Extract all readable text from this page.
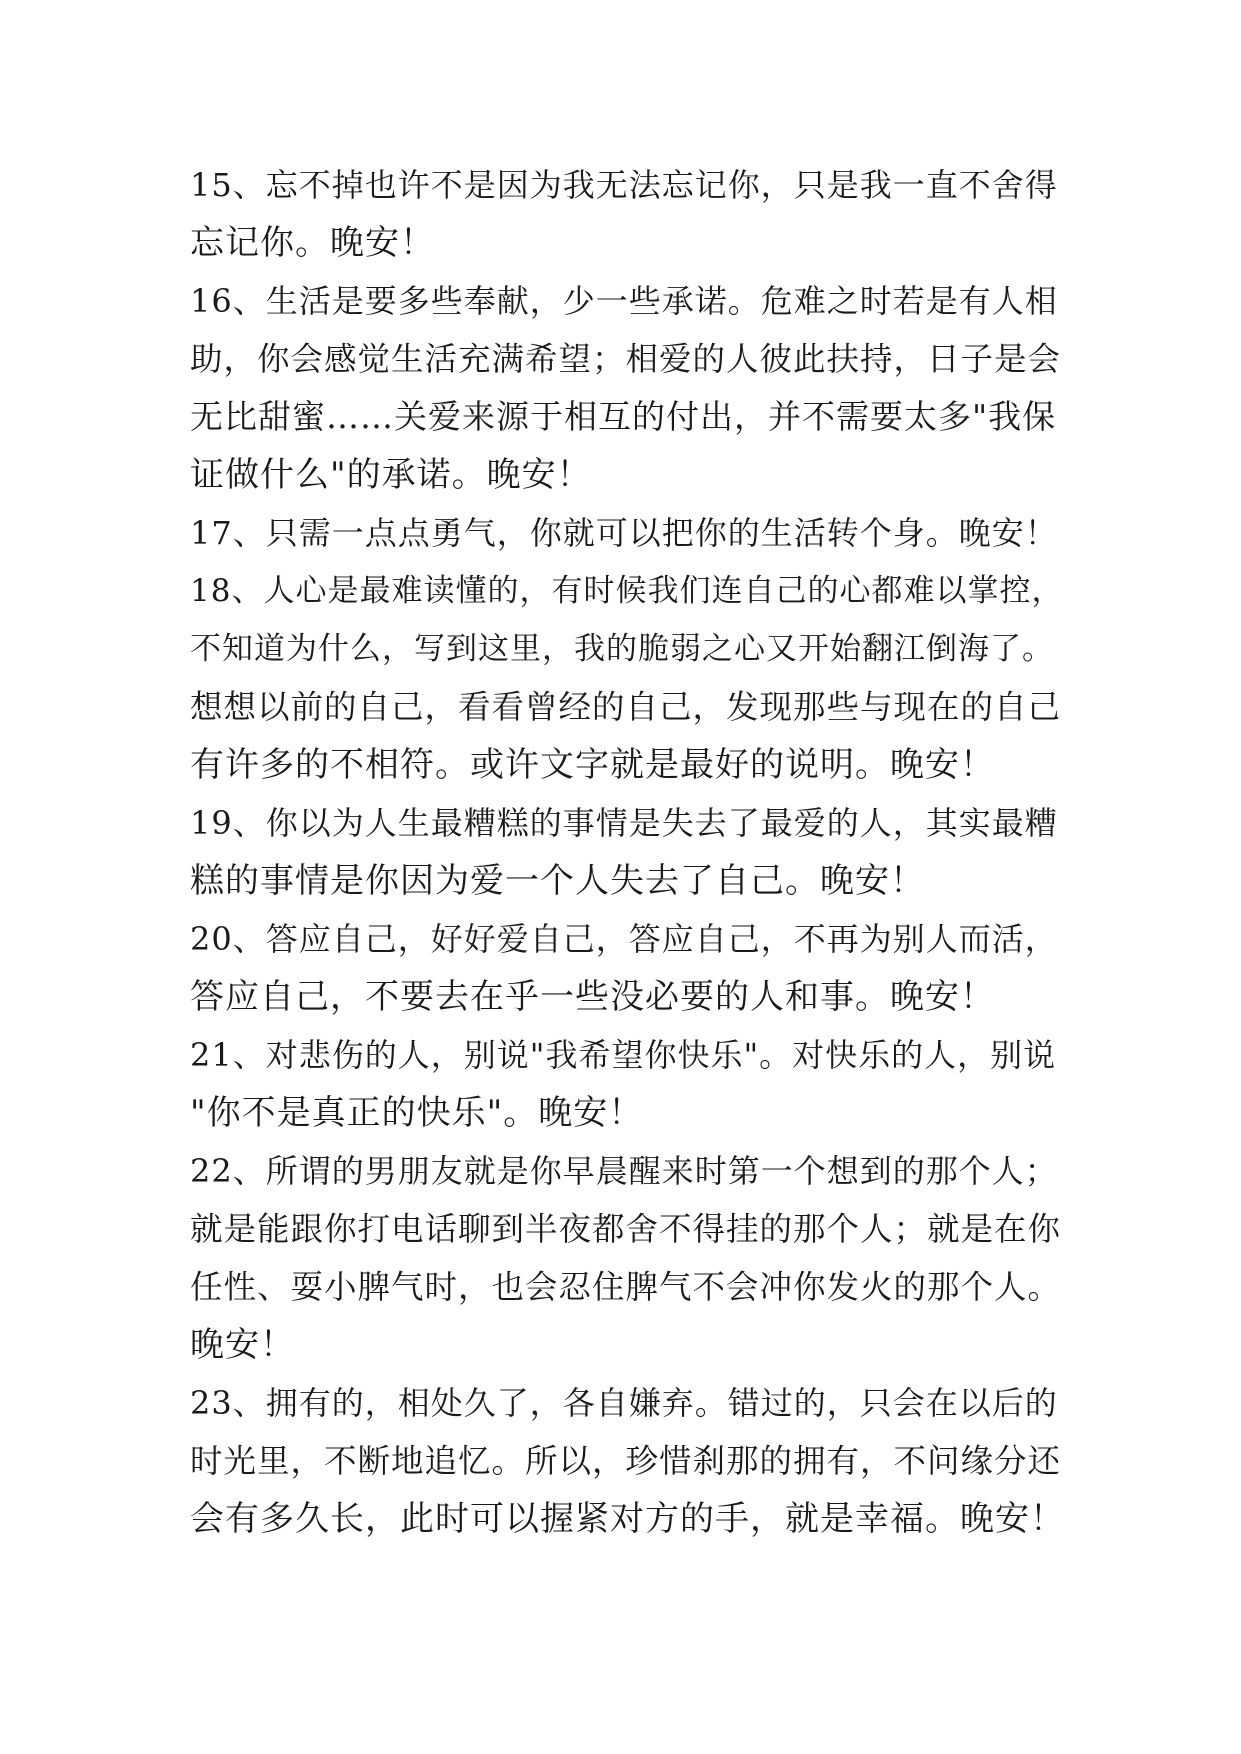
15、忘不掉也许不是因为我无法忘记你，只是我一直不舍得
忘记你。晚安！

16、生活是要多些奉献，少一些承诺。危难之时若是有人相
助，你会感觉生活充满希望；相爱的人彼此扶持，日子是会
无比甜蜜……关爱来源于相互的付出，并不需要太多"我保
证做什么"的承诺。晚安！

17、只需一点点勇气，你就可以把你的生活转个身。晚安！

18、人心是最难读懂的，有时候我们连自己的心都难以掌控，
不知道为什么，写到这里，我的脆弱之心又开始翻江倒海了。
想想以前的自己，看看曾经的自己，发现那些与现在的自己
有许多的不相符。或许文字就是最好的说明。晚安！

19、你以为人生最糟糕的事情是失去了最爱的人，其实最糟
糕的事情是你因为爱一个人失去了自己。晚安！

20、答应自己，好好爱自己，答应自己，不再为别人而活，
答应自己，不要去在乎一些没必要的人和事。晚安！

21、对悲伤的人，别说"我希望你快乐"。对快乐的人，别说
"你不是真正的快乐"。晚安！

22、所谓的男朋友就是你早晨醒来时第一个想到的那个人；
就是能跟你打电话聊到半夜都舍不得挂的那个人；就是在你
任性、耍小脾气时，也会忍住脾气不会冲你发火的那个人。
晚安！

23、拥有的，相处久了，各自嫌弃。错过的，只会在以后的
时光里，不断地追忆。所以，珍惜刹那的拥有，不问缘分还
会有多久长，此时可以握紧对方的手，就是幸福。晚安！
